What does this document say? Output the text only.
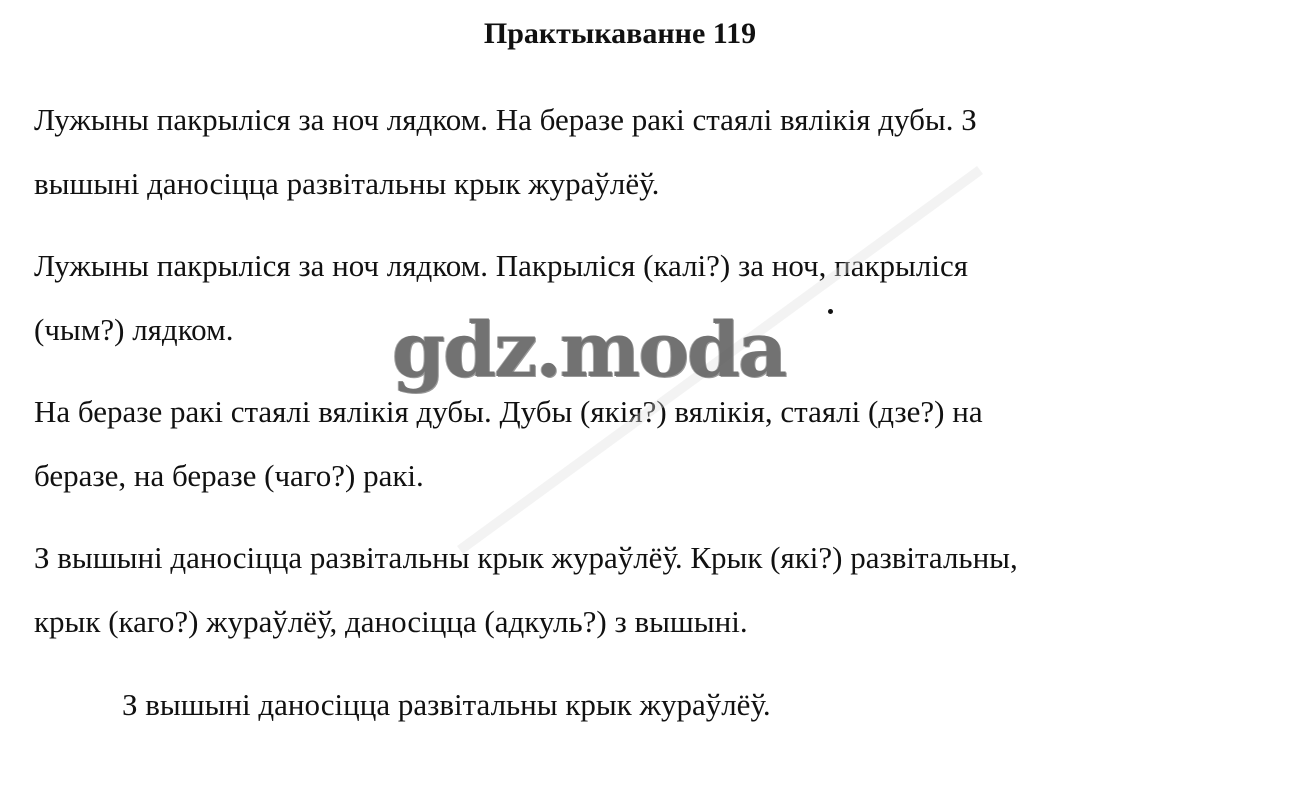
Практыкаванне 119

Лужыны пакрыліся за ноч лядком. На беразе ракі стаялі вялікія дубы. З
вышыні даносіцца развітальны крык жураўлёў.

Лужыны пакрыліся за ноч лядком. Пакрыліся (калі?) за ноч, пакрыліся
(чым?) лядком.

На беразе ракі стаялі вялікія дубы. Дубы (якія?) вялікія, стаялі (дзе?) на
беразе, на беразе (чаго?) ракі.

З вышыні даносіцца развітальны крык жураўлёў. Крык (які?) развітальны,
крык (каго?) жураўлёў, даносіцца (адкуль?) з вышыні.

З вышыні даносіцца развітальны крык жураўлёў.

gdz.moda
